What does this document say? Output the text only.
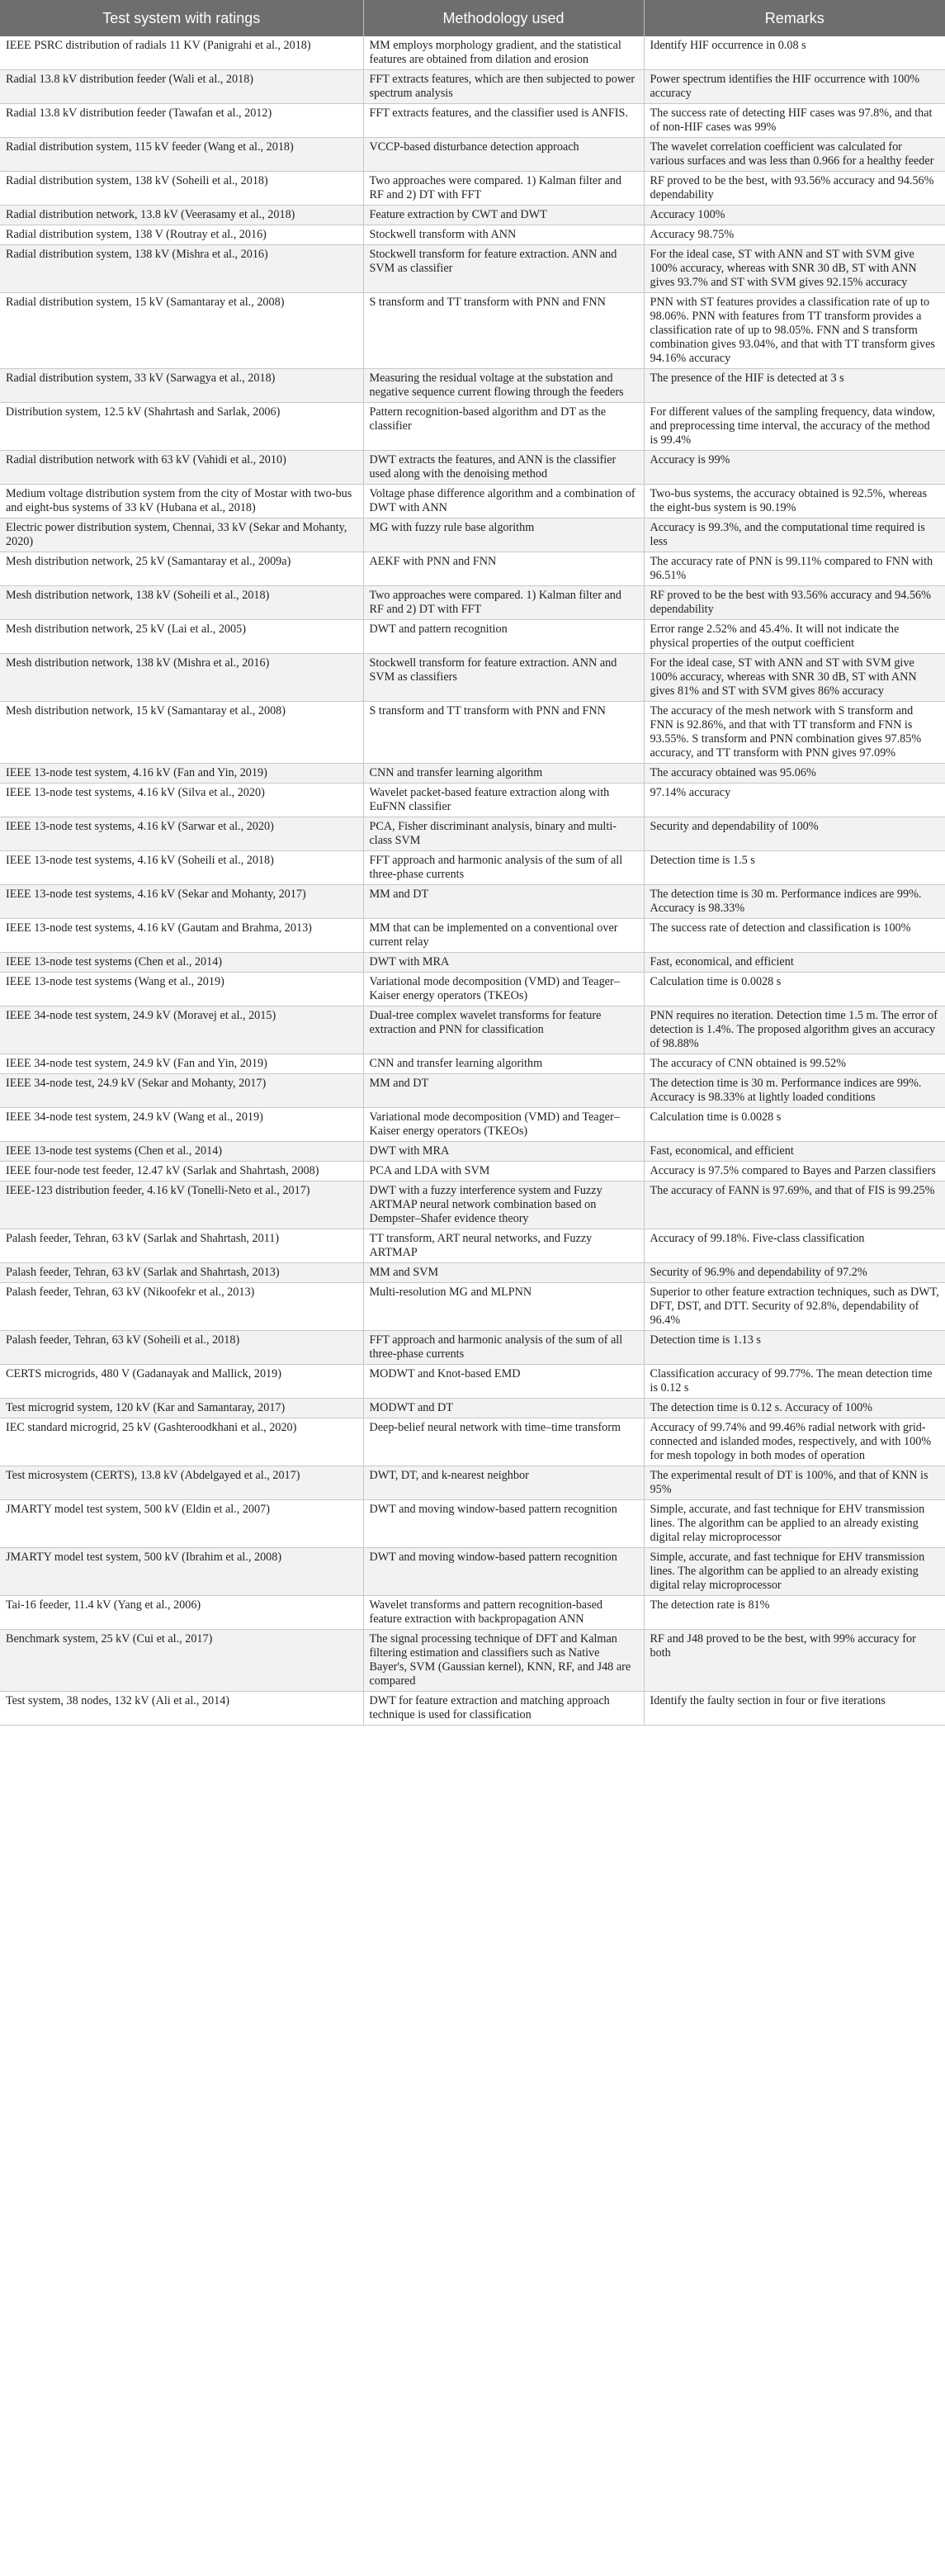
Test system with ratings	Methodology used	Remarks
IEEE PSRC distribution of radials 11 KV (Panigrahi et al., 2018)	MM employs morphology gradient, and the statistical features are obtained from dilation and erosion	Identify HIF occurrence in 0.08 s
Radial 13.8 kV distribution feeder (Wali et al., 2018)	FFT extracts features, which are then subjected to power spectrum analysis	Power spectrum identifies the HIF occurrence with 100% accuracy
Radial 13.8 kV distribution feeder (Tawafan et al., 2012)	FFT extracts features, and the classifier used is ANFIS.	The success rate of detecting HIF cases was 97.8%, and that of non-HIF cases was 99%
Radial distribution system, 115 kV feeder (Wang et al., 2018)	VCCP-based disturbance detection approach	The wavelet correlation coefficient was calculated for various surfaces and was less than 0.966 for a healthy feeder
Radial distribution system, 138 kV (Soheili et al., 2018)	Two approaches were compared. 1) Kalman filter and RF and 2) DT with FFT	RF proved to be the best, with 93.56% accuracy and 94.56% dependability
Radial distribution network, 13.8 kV (Veerasamy et al., 2018)	Feature extraction by CWT and DWT	Accuracy 100%
Radial distribution system, 138 V (Routray et al., 2016)	Stockwell transform with ANN	Accuracy 98.75%
Radial distribution system, 138 kV (Mishra et al., 2016)	Stockwell transform for feature extraction. ANN and SVM as classifier	For the ideal case, ST with ANN and ST with SVM give 100% accuracy, whereas with SNR 30 dB, ST with ANN gives 93.7% and ST with SVM gives 92.15% accuracy
Radial distribution system, 15 kV (Samantaray et al., 2008)	S transform and TT transform with PNN and FNN	PNN with ST features provides a classification rate of up to 98.06%. PNN with features from TT transform provides a classification rate of up to 98.05%. FNN and S transform combination gives 93.04%, and that with TT transform gives 94.16% accuracy
Radial distribution system, 33 kV (Sarwagya et al., 2018)	Measuring the residual voltage at the substation and negative sequence current flowing through the feeders	The presence of the HIF is detected at 3 s
Distribution system, 12.5 kV (Shahrtash and Sarlak, 2006)	Pattern recognition-based algorithm and DT as the classifier	For different values of the sampling frequency, data window, and preprocessing time interval, the accuracy of the method is 99.4%
Radial distribution network with 63 kV (Vahidi et al., 2010)	DWT extracts the features, and ANN is the classifier used along with the denoising method	Accuracy is 99%
Medium voltage distribution system from the city of Mostar with two-bus and eight-bus systems of 33 kV (Hubana et al., 2018)	Voltage phase difference algorithm and a combination of DWT with ANN	Two-bus systems, the accuracy obtained is 92.5%, whereas the eight-bus system is 90.19%
Electric power distribution system, Chennai, 33 kV (Sekar and Mohanty, 2020)	MG with fuzzy rule base algorithm	Accuracy is 99.3%, and the computational time required is less
Mesh distribution network, 25 kV (Samantaray et al., 2009a)	AEKF with PNN and FNN	The accuracy rate of PNN is 99.11% compared to FNN with 96.51%
Mesh distribution network, 138 kV (Soheili et al., 2018)	Two approaches were compared. 1) Kalman filter and RF and 2) DT with FFT	RF proved to be the best with 93.56% accuracy and 94.56% dependability
Mesh distribution network, 25 kV (Lai et al., 2005)	DWT and pattern recognition	Error range 2.52% and 45.4%. It will not indicate the physical properties of the output coefficient
Mesh distribution network, 138 kV (Mishra et al., 2016)	Stockwell transform for feature extraction. ANN and SVM as classifiers	For the ideal case, ST with ANN and ST with SVM give 100% accuracy, whereas with SNR 30 dB, ST with ANN gives 81% and ST with SVM gives 86% accuracy
Mesh distribution network, 15 kV (Samantaray et al., 2008)	S transform and TT transform with PNN and FNN	The accuracy of the mesh network with S transform and FNN is 92.86%, and that with TT transform and FNN is 93.55%. S transform and PNN combination gives 97.85% accuracy, and TT transform with PNN gives 97.09%
IEEE 13-node test system, 4.16 kV (Fan and Yin, 2019)	CNN and transfer learning algorithm	The accuracy obtained was 95.06%
IEEE 13-node test systems, 4.16 kV (Silva et al., 2020)	Wavelet packet-based feature extraction along with EuFNN classifier	97.14% accuracy
IEEE 13-node test systems, 4.16 kV (Sarwar et al., 2020)	PCA, Fisher discriminant analysis, binary and multi-class SVM	Security and dependability of 100%
IEEE 13-node test systems, 4.16 kV (Soheili et al., 2018)	FFT approach and harmonic analysis of the sum of all three-phase currents	Detection time is 1.5 s
IEEE 13-node test systems, 4.16 kV (Sekar and Mohanty, 2017)	MM and DT	The detection time is 30 m. Performance indices are 99%. Accuracy is 98.33%
IEEE 13-node test systems, 4.16 kV (Gautam and Brahma, 2013)	MM that can be implemented on a conventional over current relay	The success rate of detection and classification is 100%
IEEE 13-node test systems (Chen et al., 2014)	DWT with MRA	Fast, economical, and efficient
IEEE 13-node test systems (Wang et al., 2019)	Variational mode decomposition (VMD) and Teager–Kaiser energy operators (TKEOs)	Calculation time is 0.0028 s
IEEE 34-node test system, 24.9 kV (Moravej et al., 2015)	Dual-tree complex wavelet transforms for feature extraction and PNN for classification	PNN requires no iteration. Detection time 1.5 m. The error of detection is 1.4%. The proposed algorithm gives an accuracy of 98.88%
IEEE 34-node test system, 24.9 kV (Fan and Yin, 2019)	CNN and transfer learning algorithm	The accuracy of CNN obtained is 99.52%
IEEE 34-node test, 24.9 kV (Sekar and Mohanty, 2017)	MM and DT	The detection time is 30 m. Performance indices are 99%. Accuracy is 98.33% at lightly loaded conditions
IEEE 34-node test system, 24.9 kV (Wang et al., 2019)	Variational mode decomposition (VMD) and Teager–Kaiser energy operators (TKEOs)	Calculation time is 0.0028 s
IEEE 13-node test systems (Chen et al., 2014)	DWT with MRA	Fast, economical, and efficient
IEEE four-node test feeder, 12.47 kV (Sarlak and Shahrtash, 2008)	PCA and LDA with SVM	Accuracy is 97.5% compared to Bayes and Parzen classifiers
IEEE-123 distribution feeder, 4.16 kV (Tonelli-Neto et al., 2017)	DWT with a fuzzy interference system and Fuzzy ARTMAP neural network combination based on Dempster–Shafer evidence theory	The accuracy of FANN is 97.69%, and that of FIS is 99.25%
Palash feeder, Tehran, 63 kV (Sarlak and Shahrtash, 2011)	TT transform, ART neural networks, and Fuzzy ARTMAP	Accuracy of 99.18%. Five-class classification
Palash feeder, Tehran, 63 kV (Sarlak and Shahrtash, 2013)	MM and SVM	Security of 96.9% and dependability of 97.2%
Palash feeder, Tehran, 63 kV (Nikoofekr et al., 2013)	Multi-resolution MG and MLPNN	Superior to other feature extraction techniques, such as DWT, DFT, DST, and DTT. Security of 92.8%, dependability of 96.4%
Palash feeder, Tehran, 63 kV (Soheili et al., 2018)	FFT approach and harmonic analysis of the sum of all three-phase currents	Detection time is 1.13 s
CERTS microgrids, 480 V (Gadanayak and Mallick, 2019)	MODWT and Knot-based EMD	Classification accuracy of 99.77%. The mean detection time is 0.12 s
Test microgrid system, 120 kV (Kar and Samantaray, 2017)	MODWT and DT	The detection time is 0.12 s. Accuracy of 100%
IEC standard microgrid, 25 kV (Gashteroodkhani et al., 2020)	Deep-belief neural network with time–time transform	Accuracy of 99.74% and 99.46% radial network with grid-connected and islanded modes, respectively, and with 100% for mesh topology in both modes of operation
Test microsystem (CERTS), 13.8 kV (Abdelgayed et al., 2017)	DWT, DT, and k-nearest neighbor	The experimental result of DT is 100%, and that of KNN is 95%
JMARTY model test system, 500 kV (Eldin et al., 2007)	DWT and moving window-based pattern recognition	Simple, accurate, and fast technique for EHV transmission lines. The algorithm can be applied to an already existing digital relay microprocessor
JMARTY model test system, 500 kV (Ibrahim et al., 2008)	DWT and moving window-based pattern recognition	Simple, accurate, and fast technique for EHV transmission lines. The algorithm can be applied to an already existing digital relay microprocessor
Tai-16 feeder, 11.4 kV (Yang et al., 2006)	Wavelet transforms and pattern recognition-based feature extraction with backpropagation ANN	The detection rate is 81%
Benchmark system, 25 kV (Cui et al., 2017)	The signal processing technique of DFT and Kalman filtering estimation and classifiers such as Native Bayer's, SVM (Gaussian kernel), KNN, RF, and J48 are compared	RF and J48 proved to be the best, with 99% accuracy for both
Test system, 38 nodes, 132 kV (Ali et al., 2014)	DWT for feature extraction and matching approach technique is used for classification	Identify the faulty section in four or five iterations
